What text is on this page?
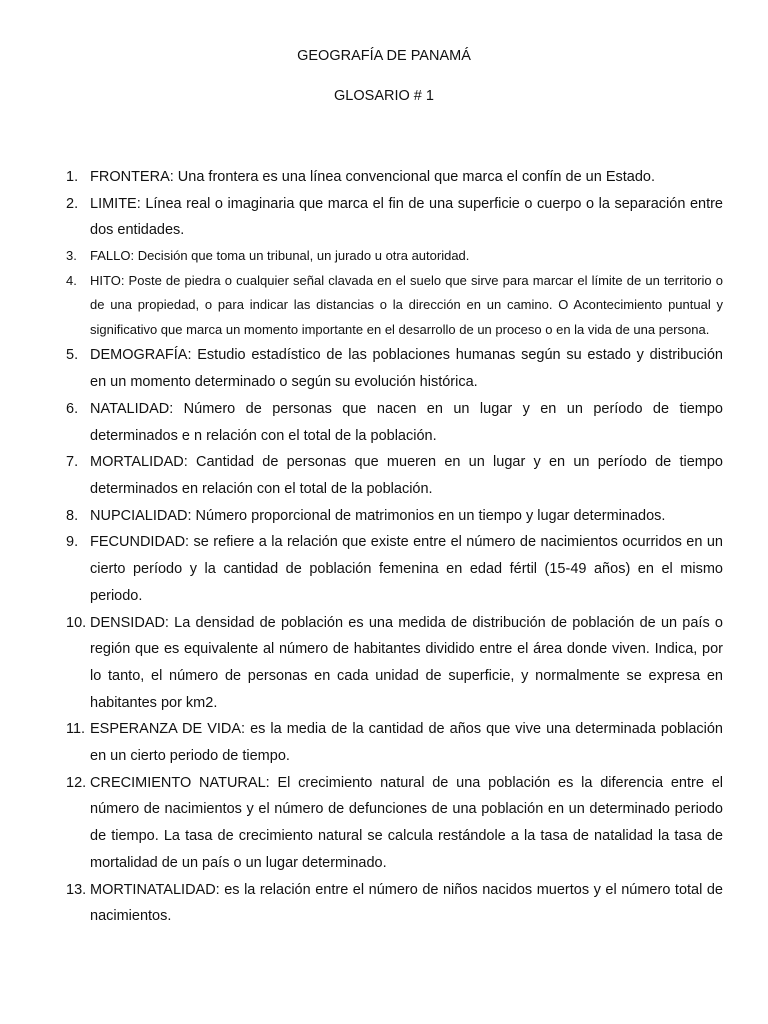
GEOGRAFÍA DE PANAMÁ
GLOSARIO # 1
1. FRONTERA: Una frontera es una línea convencional que marca el confín de un Estado.
2. LIMITE: Línea real o imaginaria que marca el fin de una superficie o cuerpo o la separación entre dos entidades.
3. FALLO: Decisión que toma un tribunal, un jurado u otra autoridad.
4. HITO: Poste de piedra o cualquier señal clavada en el suelo que sirve para marcar el límite de un territorio o de una propiedad, o para indicar las distancias o la dirección en un camino. O Acontecimiento puntual y significativo que marca un momento importante en el desarrollo de un proceso o en la vida de una persona.
5. DEMOGRAFÍA: Estudio estadístico de las poblaciones humanas según su estado y distribución en un momento determinado o según su evolución histórica.
6. NATALIDAD: Número de personas que nacen en un lugar y en un período de tiempo determinados e n relación con el total de la población.
7. MORTALIDAD: Cantidad de personas que mueren en un lugar y en un período de tiempo determinados en relación con el total de la población.
8. NUPCIALIDAD: Número proporcional de matrimonios en un tiempo y lugar determinados.
9. FECUNDIDAD: se refiere a la relación que existe entre el número de nacimientos ocurridos en un cierto período y la cantidad de población femenina en edad fértil (15-49 años) en el mismo periodo.
10. DENSIDAD: La densidad de población es una medida de distribución de población de un país o región que es equivalente al número de habitantes dividido entre el área donde viven. Indica, por lo tanto, el número de personas en cada unidad de superficie, y normalmente se expresa en habitantes por km2.
11. ESPERANZA DE VIDA: es la media de la cantidad de años que vive una determinada población en un cierto periodo de tiempo.
12. CRECIMIENTO NATURAL: El crecimiento natural de una población es la diferencia entre el número de nacimientos y el número de defunciones de una población en un determinado periodo de tiempo. La tasa de crecimiento natural se calcula restándole a la tasa de natalidad la tasa de mortalidad de un país o un lugar determinado.
13. MORTINATALIDAD: es la relación entre el número de niños nacidos muertos y el número total de nacimientos.
